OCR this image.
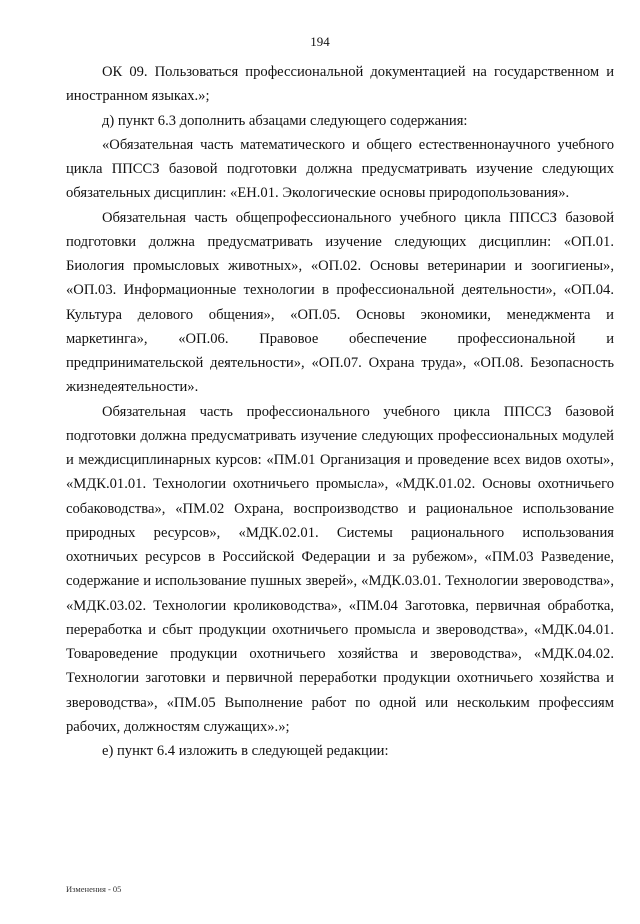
194

ОК 09. Пользоваться профессиональной документацией на государственном и иностранном языках.»;

д) пункт 6.3 дополнить абзацами следующего содержания:

«Обязательная часть математического и общего естественнонаучного учебного цикла ППССЗ базовой подготовки должна предусматривать изучение следующих обязательных дисциплин: «ЕН.01. Экологические основы природопользования».

Обязательная часть общепрофессионального учебного цикла ППССЗ базовой подготовки должна предусматривать изучение следующих дисциплин: «ОП.01. Биология промысловых животных», «ОП.02. Основы ветеринарии и зоогигиены», «ОП.03. Информационные технологии в профессиональной деятельности», «ОП.04. Культура делового общения», «ОП.05. Основы экономики, менеджмента и маркетинга», «ОП.06. Правовое обеспечение профессиональной и предпринимательской деятельности», «ОП.07. Охрана труда», «ОП.08. Безопасность жизнедеятельности».

Обязательная часть профессионального учебного цикла ППССЗ базовой подготовки должна предусматривать изучение следующих профессиональных модулей и междисциплинарных курсов: «ПМ.01 Организация и проведение всех видов охоты», «МДК.01.01. Технологии охотничьего промысла», «МДК.01.02. Основы охотничьего собаководства», «ПМ.02 Охрана, воспроизводство и рациональное использование природных ресурсов», «МДК.02.01. Системы рационального использования охотничьих ресурсов в Российской Федерации и за рубежом», «ПМ.03 Разведение, содержание и использование пушных зверей», «МДК.03.01. Технологии звероводства», «МДК.03.02. Технологии кролиководства», «ПМ.04 Заготовка, первичная обработка, переработка и сбыт продукции охотничьего промысла и звероводства», «МДК.04.01. Товароведение продукции охотничьего хозяйства и звероводства», «МДК.04.02. Технологии заготовки и первичной переработки продукции охотничьего хозяйства и звероводства», «ПМ.05 Выполнение работ по одной или нескольким профессиям рабочих, должностям служащих».»;

е) пункт 6.4 изложить в следующей редакции:

Изменения - 05
